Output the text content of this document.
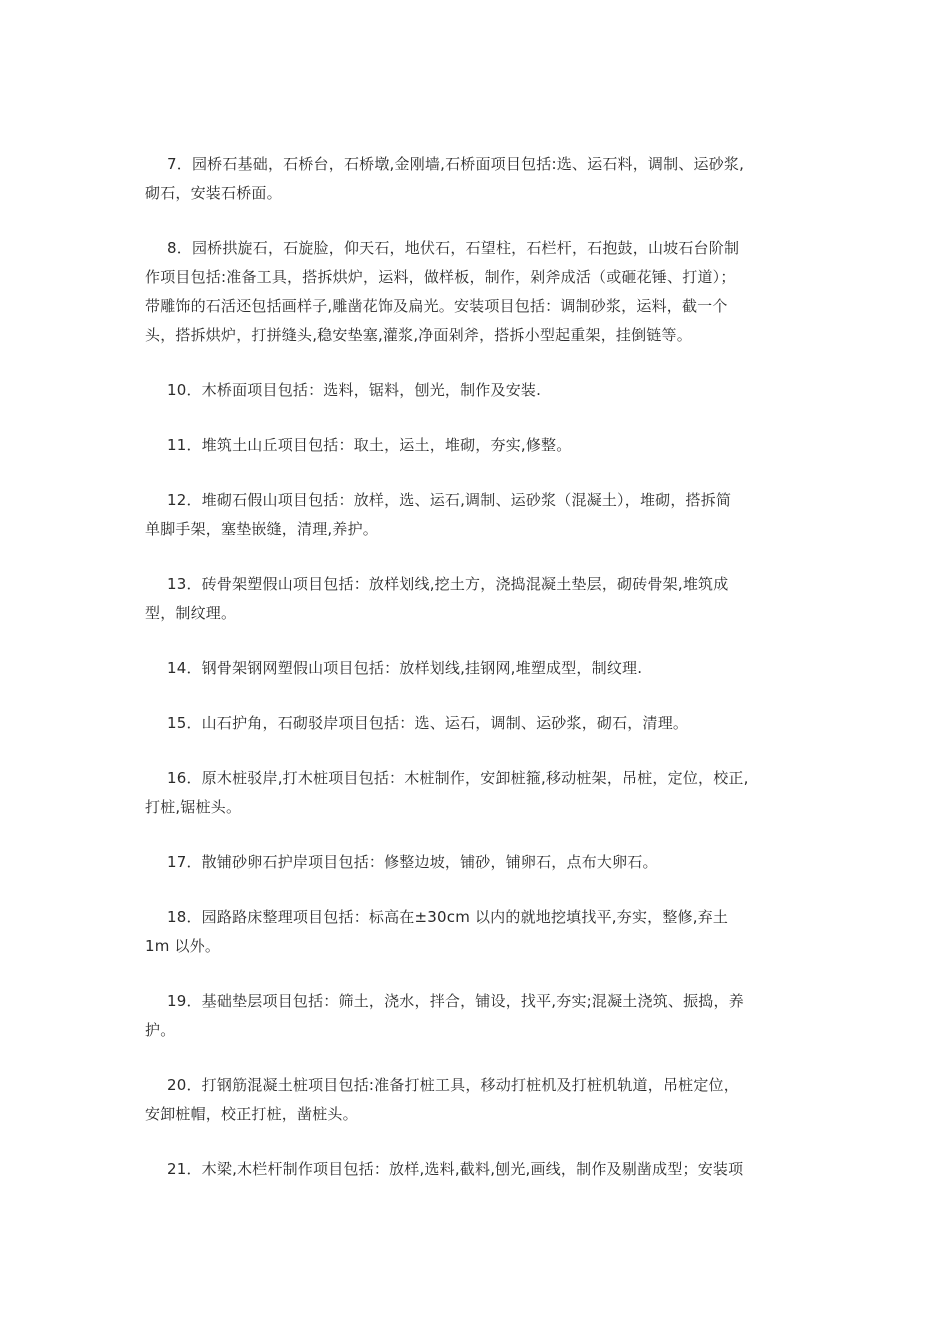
7．园桥石基础，石桥台，石桥墩,金刚墙,石桥面项目包括:选、运石料，调制、运砂浆,
砌石，安装石桥面。

8．园桥拱旋石，石旋脸，仰天石，地伏石，石望柱，石栏杆，石抱鼓，山坡石台阶制
作项目包括:准备工具，搭拆烘炉，运料，做样板，制作，剁斧成活（或砸花锤、打道）；
带雕饰的石活还包括画样子,雕凿花饰及扁光。安装项目包括：调制砂浆，运料，截一个
头，搭拆烘炉，打拼缝头,稳安垫塞,灌浆,净面剁斧，搭拆小型起重架，挂倒链等。

10．木桥面项目包括：选料，锯料，刨光，制作及安装.

11．堆筑土山丘项目包括：取土，运土，堆砌，夯实,修整。

12．堆砌石假山项目包括：放样，选、运石,调制、运砂浆（混凝土），堆砌，搭拆简
单脚手架，塞垫嵌缝，清理,养护。

13．砖骨架塑假山项目包括：放样划线,挖土方，浇捣混凝土垫层，砌砖骨架,堆筑成
型，制纹理。

14．钢骨架钢网塑假山项目包括：放样划线,挂钢网,堆塑成型，制纹理.

15．山石护角，石砌驳岸项目包括：选、运石，调制、运砂浆，砌石，清理。

16．原木桩驳岸,打木桩项目包括：木桩制作，安卸桩箍,移动桩架，吊桩，定位，校正,
打桩,锯桩头。

17．散铺砂卵石护岸项目包括：修整边坡，铺砂，铺卵石，点布大卵石。

18．园路路床整理项目包括：标高在±30cm 以内的就地挖填找平,夯实，整修,弃土
1m 以外。

19．基础垫层项目包括：筛土，浇水，拌合，铺设，找平,夯实;混凝土浇筑、振捣，养
护。

20．打钢筋混凝土桩项目包括:准备打桩工具，移动打桩机及打桩机轨道，吊桩定位，
安卸桩帽，校正打桩，凿桩头。

21．木梁,木栏杆制作项目包括：放样,选料,截料,刨光,画线，制作及剔凿成型；安装项
